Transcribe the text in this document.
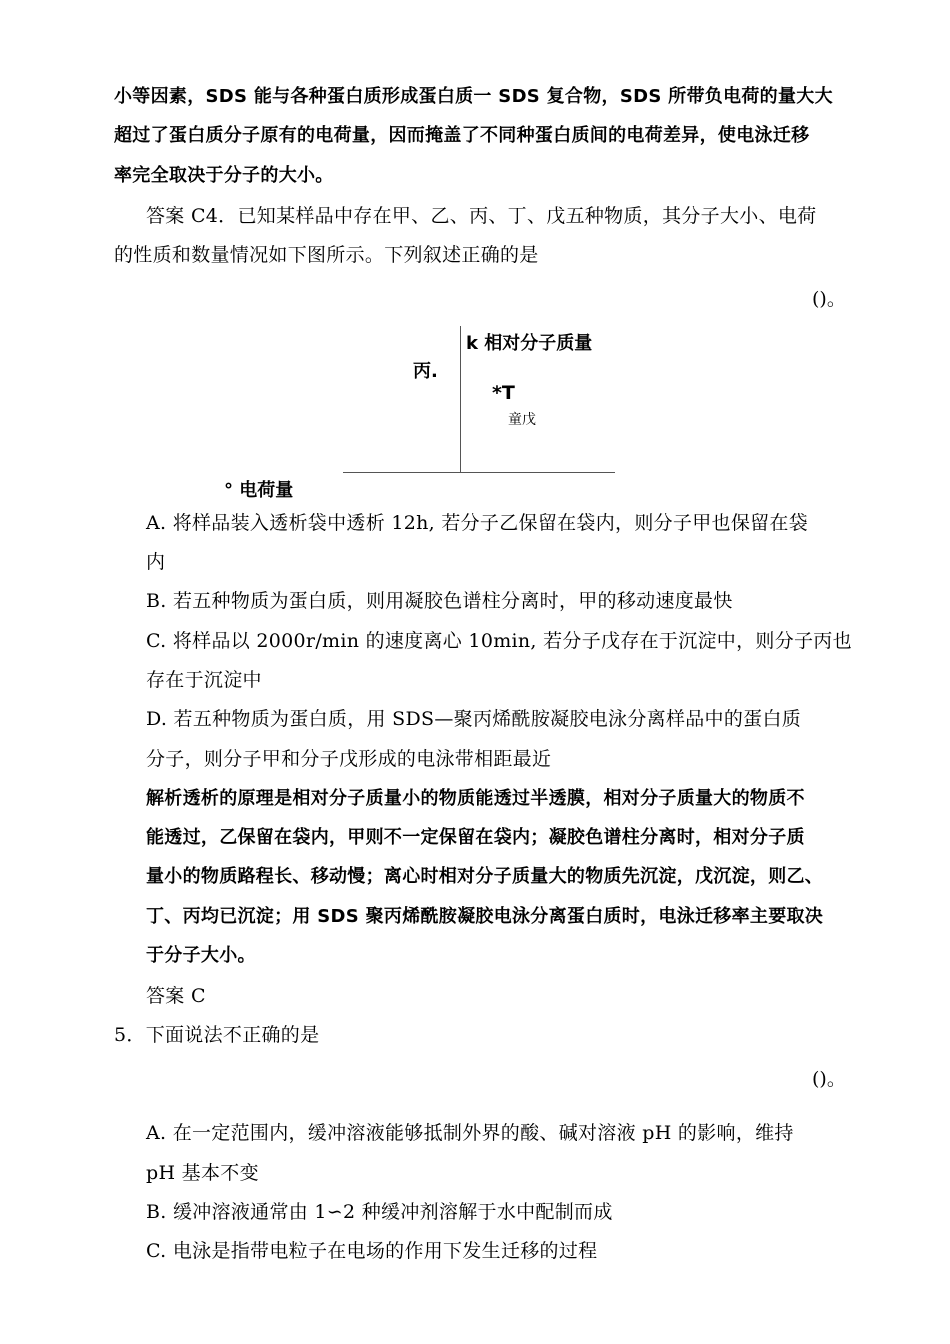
小等因素，SDS 能与各种蛋白质形成蛋白质一 SDS 复合物，SDS 所带负电荷的量大大
超过了蛋白质分子原有的电荷量，因而掩盖了不同种蛋白质间的电荷差异，使电泳迁移
率完全取决于分子的大小。
答案 C4．已知某样品中存在甲、乙、丙、丁、戊五种物质，其分子大小、电荷
的性质和数量情况如下图所示。下列叙述正确的是
()。
k 相对分子质量
丙.
*T
童戊
° 电荷量
A. 将样品装入透析袋中透析 12h, 若分子乙保留在袋内，则分子甲也保留在袋
内
B. 若五种物质为蛋白质，则用凝胶色谱柱分离时，甲的移动速度最快
C. 将样品以 2000r/min 的速度离心 10min, 若分子戊存在于沉淀中，则分子丙也
存在于沉淀中
D. 若五种物质为蛋白质，用 SDS—聚丙烯酰胺凝胶电泳分离样品中的蛋白质
分子，则分子甲和分子戊形成的电泳带相距最近
解析透析的原理是相对分子质量小的物质能透过半透膜，相对分子质量大的物质不
能透过，乙保留在袋内，甲则不一定保留在袋内；凝胶色谱柱分离时，相对分子质
量小的物质路程长、移动慢；离心时相对分子质量大的物质先沉淀，戊沉淀，则乙、
丁、丙均已沉淀；用 SDS 聚丙烯酰胺凝胶电泳分离蛋白质时，电泳迁移率主要取决
于分子大小。
答案 C
5．下面说法不正确的是
()。
A. 在一定范围内，缓冲溶液能够抵制外界的酸、碱对溶液 pH 的影响，维持
pH 基本不变
B. 缓冲溶液通常由 1∽2 种缓冲剂溶解于水中配制而成
C. 电泳是指带电粒子在电场的作用下发生迁移的过程
